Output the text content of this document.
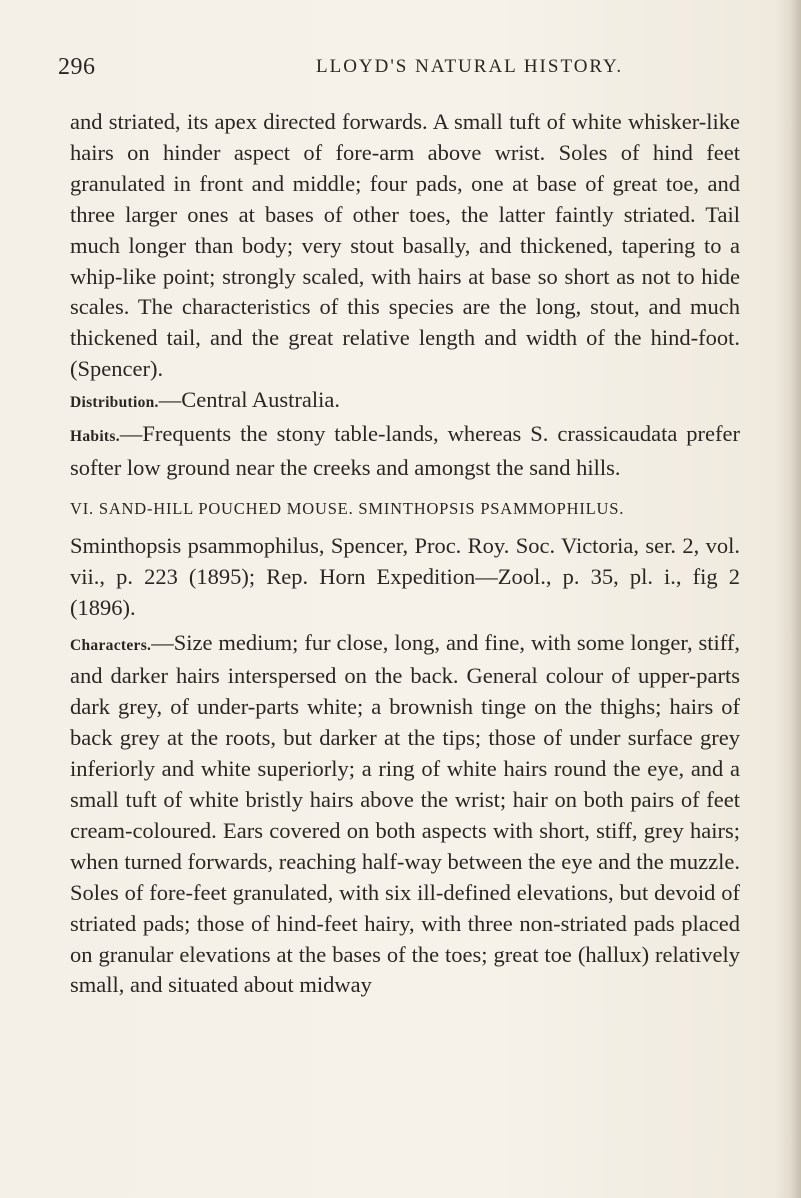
296	LLOYD'S NATURAL HISTORY.

and striated, its apex directed forwards. A small tuft of white whisker-like hairs on hinder aspect of fore-arm above wrist. Soles of hind feet granulated in front and middle; four pads, one at base of great toe, and three larger ones at bases of other toes, the latter faintly striated. Tail much longer than body; very stout basally, and thickened, tapering to a whip-like point; strongly scaled, with hairs at base so short as not to hide scales. The characteristics of this species are the long, stout, and much thickened tail, and the great relative length and width of the hind-foot. (Spencer).

Distribution.—Central Australia.

Habits.—Frequents the stony table-lands, whereas S. crassicaudata prefer softer low ground near the creeks and amongst the sand hills.

VI. SAND-HILL POUCHED MOUSE. SMINTHOPSIS PSAMMOPHILUS.

Sminthopsis psammophilus, Spencer, Proc. Roy. Soc. Victoria, ser. 2, vol. vii., p. 223 (1895); Rep. Horn Expedition—Zool., p. 35, pl. i., fig 2 (1896).

Characters.—Size medium; fur close, long, and fine, with some longer, stiff, and darker hairs interspersed on the back. General colour of upper-parts dark grey, of under-parts white; a brownish tinge on the thighs; hairs of back grey at the roots, but darker at the tips; those of under surface grey inferiorly and white superiorly; a ring of white hairs round the eye, and a small tuft of white bristly hairs above the wrist; hair on both pairs of feet cream-coloured. Ears covered on both aspects with short, stiff, grey hairs; when turned forwards, reaching half-way between the eye and the muzzle. Soles of fore-feet granulated, with six ill-defined elevations, but devoid of striated pads; those of hind-feet hairy, with three non-striated pads placed on granular elevations at the bases of the toes; great toe (hallux) relatively small, and situated about midway
